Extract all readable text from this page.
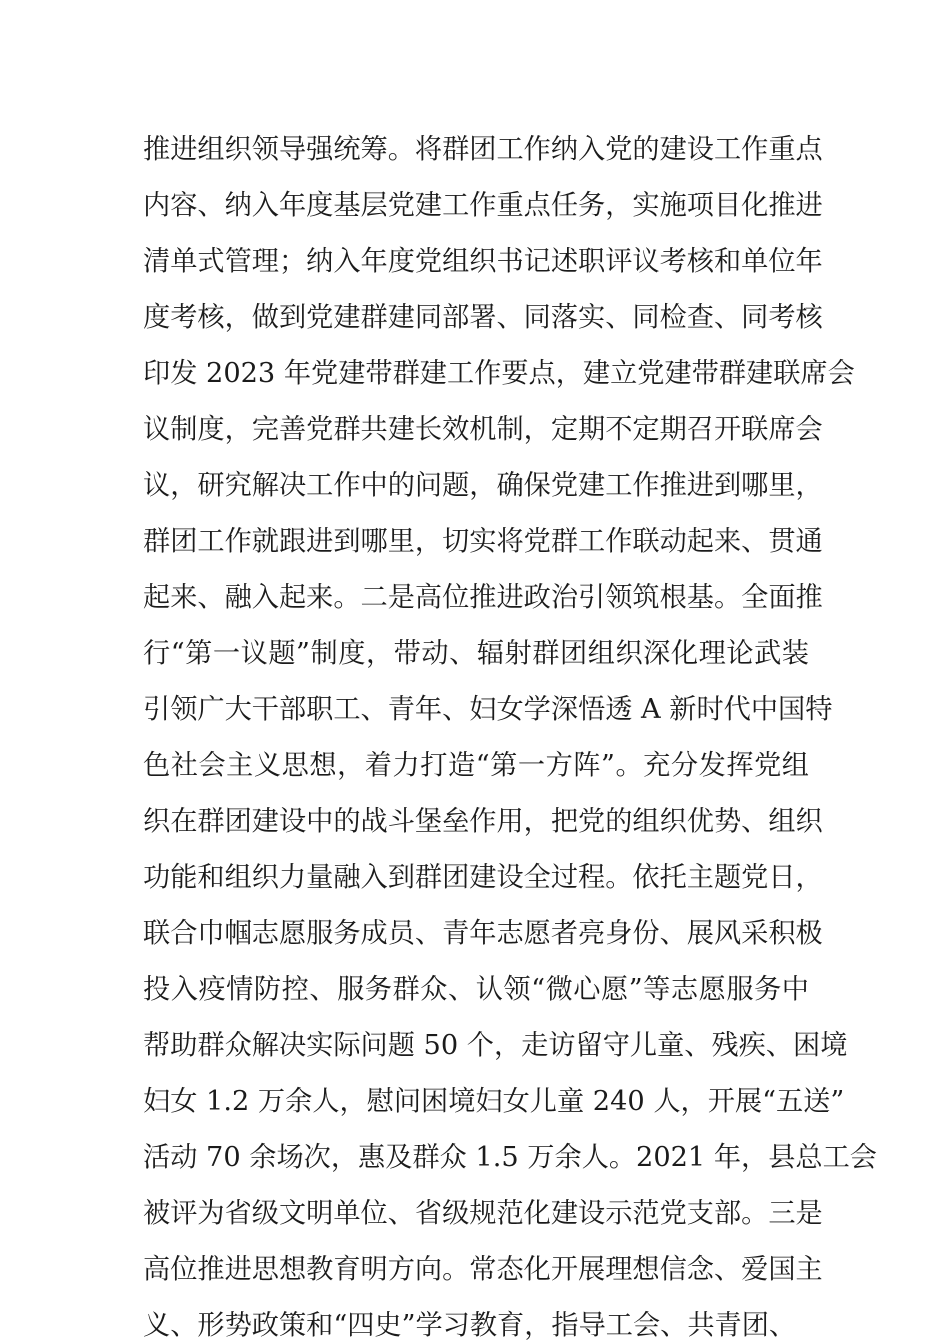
推进组织领导强统筹。将群团工作纳入党的建设工作重点
内容、纳入年度基层党建工作重点任务，实施项目化推进
清单式管理；纳入年度党组织书记述职评议考核和单位年
度考核，做到党建群建同部署、同落实、同检查、同考核
印发 2023 年党建带群建工作要点，建立党建带群建联席会
议制度，完善党群共建长效机制，定期不定期召开联席会
议，研究解决工作中的问题，确保党建工作推进到哪里，
群团工作就跟进到哪里，切实将党群工作联动起来、贯通
起来、融入起来。二是高位推进政治引领筑根基。全面推
行“第一议题”制度，带动、辐射群团组织深化理论武装
引领广大干部职工、青年、妇女学深悟透 A 新时代中国特
色社会主义思想，着力打造“第一方阵”。充分发挥党组
织在群团建设中的战斗堡垒作用，把党的组织优势、组织
功能和组织力量融入到群团建设全过程。依托主题党日，
联合巾帼志愿服务成员、青年志愿者亮身份、展风采积极
投入疫情防控、服务群众、认领“微心愿”等志愿服务中
帮助群众解决实际问题 50 个，走访留守儿童、残疾、困境
妇女 1.2 万余人，慰问困境妇女儿童 240 人，开展“五送”
活动 70 余场次，惠及群众 1.5 万余人。2021 年，县总工会
被评为省级文明单位、省级规范化建设示范党支部。三是
高位推进思想教育明方向。常态化开展理想信念、爱国主
义、形势政策和“四史”学习教育，指导工会、共青团、
